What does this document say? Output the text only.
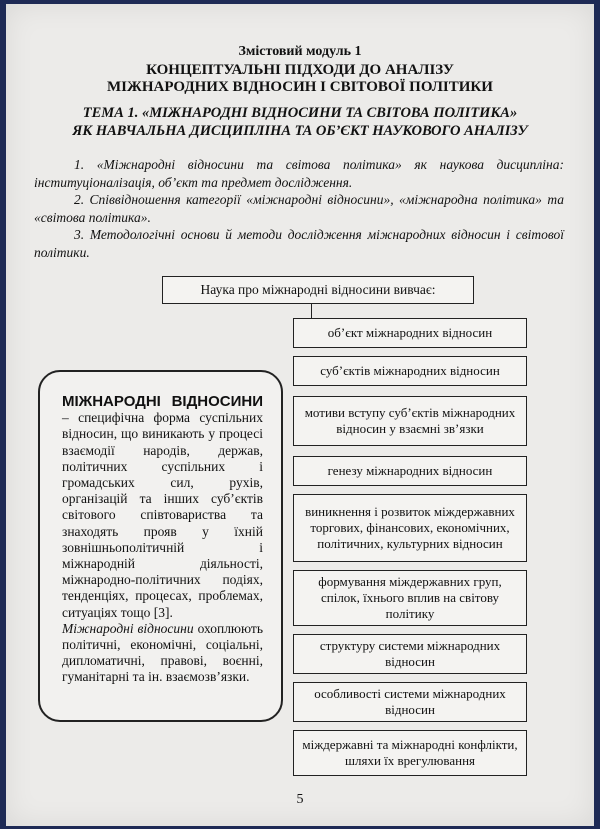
Змістовий модуль 1
КОНЦЕПТУАЛЬНІ ПІДХОДИ ДО АНАЛІЗУ
МІЖНАРОДНИХ ВІДНОСИН І СВІТОВОЇ ПОЛІТИКИ
ТЕМА 1. «МІЖНАРОДНІ ВІДНОСИНИ ТА СВІТОВА ПОЛІТИКА»
ЯК НАВЧАЛЬНА ДИСЦИПЛІНА ТА ОБ’ЄКТ НАУКОВОГО АНАЛІЗУ

1. «Міжнародні відносини та світова політика» як наукова дисципліна: інституціоналізація, об’єкт та предмет дослідження.

2. Співвідношення категорії «міжнародні відносини», «міжнародна політика» та «світова політика».

3. Методологічні основи й методи дослідження міжнародних відносин і світової політики.

Наука про міжнародні відносини вивчає:
об’єкт міжнародних відносин
суб’єктів міжнародних відносин
мотиви вступу суб’єктів міжнародних відносин у взаємні зв’язки
генезу міжнародних відносин
виникнення і розвиток міждержавних торгових, фінансових, економічних, політичних, культурних відносин
формування міждержавних груп, спілок, їхнього вплив на світову політику
структуру системи міжнародних відносин
особливості системи міжнародних відносин
міждержавні та міжнародні конфлікти, шляхи їх врегулювання

МІЖНАРОДНІ ВІДНОСИНИ – специфічна форма суспільних відносин, що виникають у процесі взаємодії народів, держав, політичних суспільних і громадських сил, рухів, організацій та інших суб’єктів світового співтовариства та знаходять прояв у їхній зовнішньополітичній і міжнародній діяльності, міжнародно-політичних подіях, тенденціях, процесах, проблемах, ситуаціях тощо [3].

Міжнародні відносини охоплюють політичні, економічні, соціальні, дипломатичні, правові, воєнні, гуманітарні та ін. взаємозв’язки.

5
